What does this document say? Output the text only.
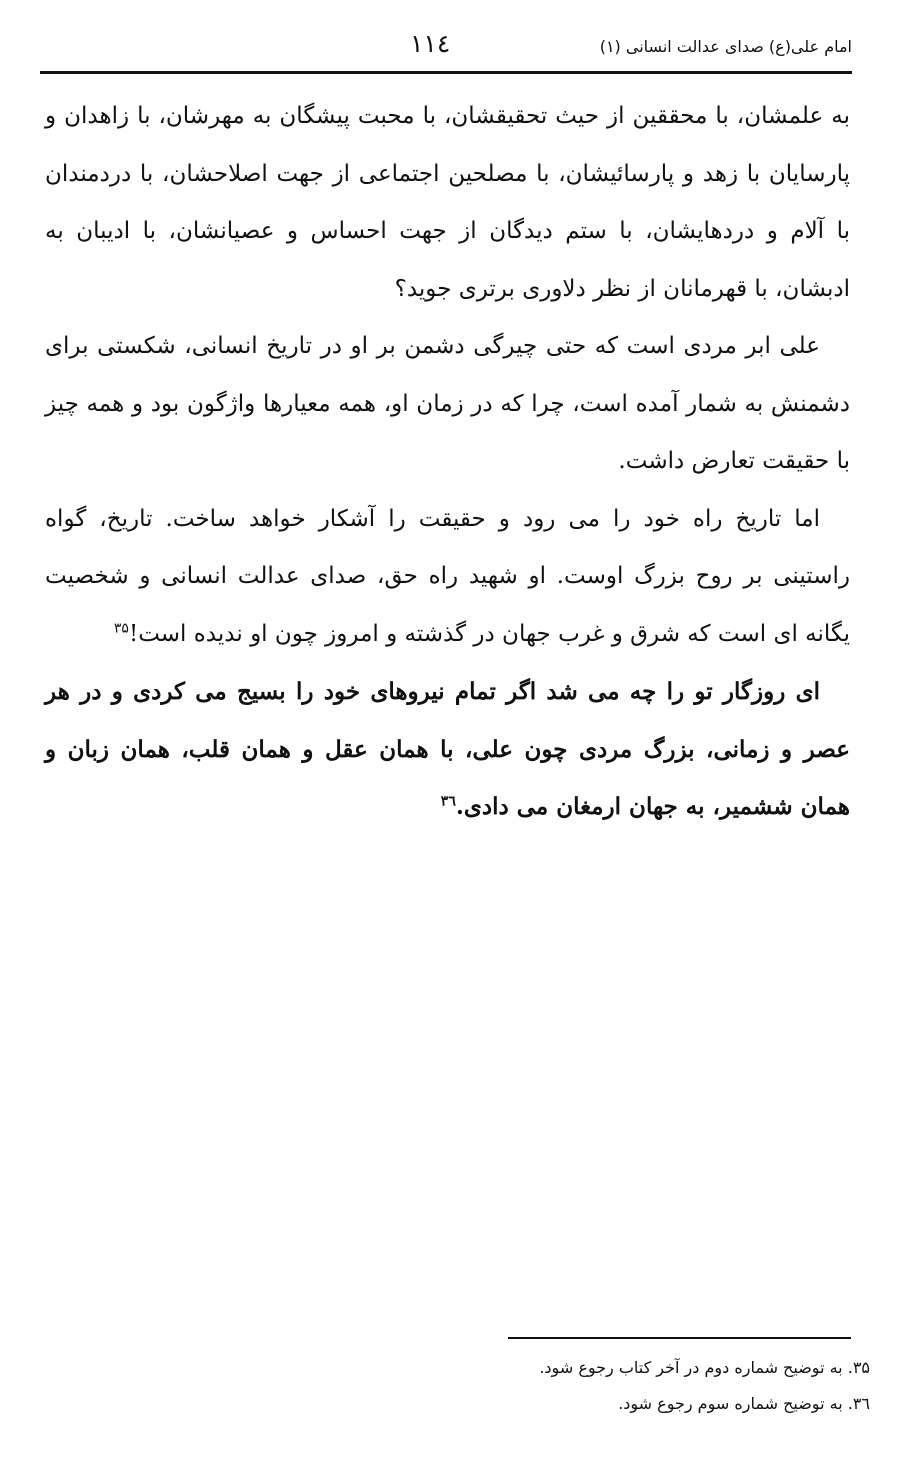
امام علی(ع) صدای عدالت انسانی (۱)
۱۱٤

به علمشان، با محققین از حیث تحقیقشان، با محبت پیشگان به مهرشان، با زاهدان و پارسایان با زهد و پارسائیشان، با مصلحین اجتماعی از جهت اصلاحشان، با دردمندان با آلام و دردهایشان، با ستم دیدگان از جهت احساس و عصیانشان، با ادیبان به ادبشان، با قهرمانان از نظر دلاوری برتری جوید؟

علی ابر مردی است که حتی چیرگی دشمن بر او در تاریخ انسانی، شکستی برای دشمنش به شمار آمده است، چرا که در زمان او، همه معیارها واژگون بود و همه چیز با حقیقت تعارض داشت.

اما تاریخ راه خود را می رود و حقیقت را آشکار خواهد ساخت. تاریخ، گواه راستینی بر روح بزرگ اوست. او شهید راه حق، صدای عدالت انسانی و شخصیت یگانه ای است که شرق و غرب جهان در گذشته و امروز چون او ندیده است!$^{۳۵}$

ای روزگار تو را چه می شد اگر تمام نیروهای خود را بسیج می کردی و در هر عصر و زمانی، بزرگ مردی چون علی، با همان عقل و همان قلب، همان زبان و همان ششمیر، به جهان ارمغان می دادی.$^{۳٦}$

۳۵. به توضیح شماره دوم در آخر کتاب رجوع شود.

۳٦. به توضیح شماره سوم رجوع شود.
